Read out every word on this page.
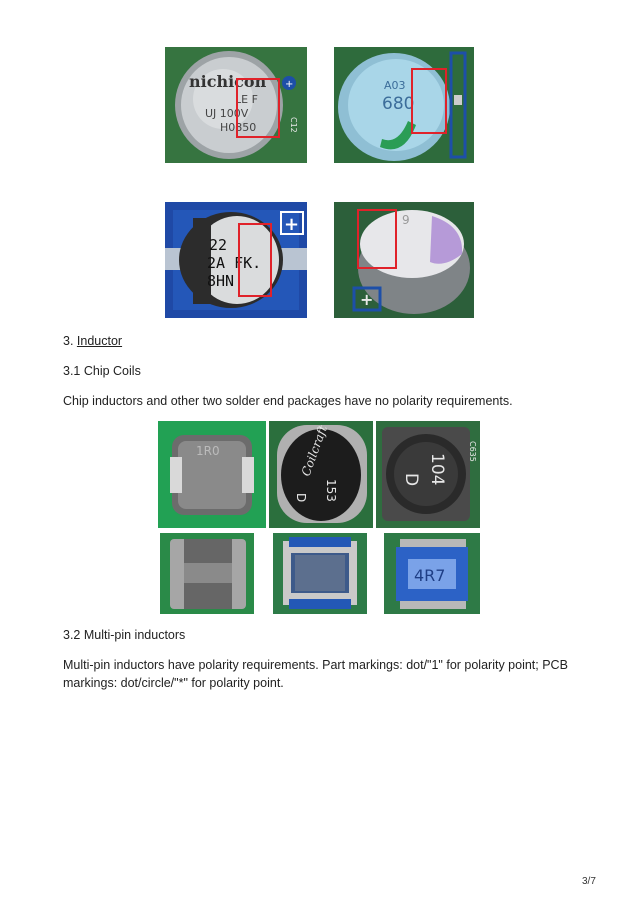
nichicon
LE F
UJ 100V
H0850
+
C12
A03
680
22
2A FK.
8HN
+	9
+
3. Inductor
3.1 Chip Coils
Chip inductors and other two solder end packages have no polarity requirements.
1R0
153
Coilcraft
D
104
D
C635
4R7
3.2 Multi-pin inductors
Multi-pin inductors have polarity requirements. Part markings: dot/"1" for polarity point; PCB
markings: dot/circle/"*" for polarity point.
3/7
